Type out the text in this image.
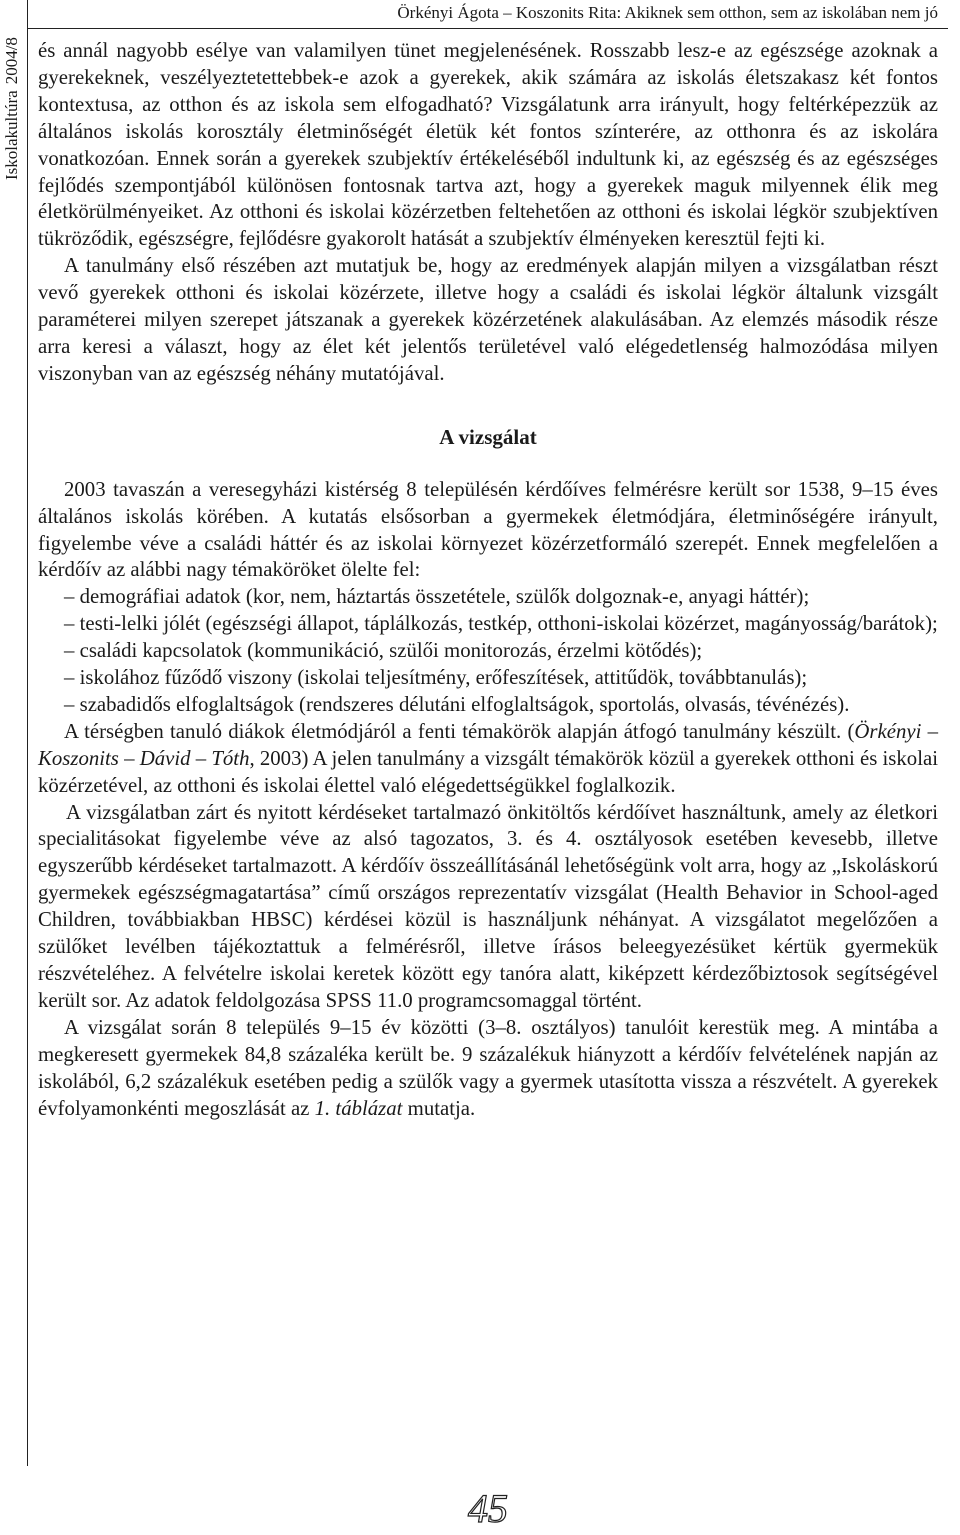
Iskolakultúra2004/8
Örkényi Ágota – Koszonits Rita: Akiknek sem otthon, sem az iskolában nem jó

és annál nagyobb esélye van valamilyen tünet megjelenésének. Rosszabb lesz-e az egészsége azoknak a gyerekeknek, veszélyeztetettebbek-e azok a gyerekek, akik számára az iskolás életszakasz két fontos kontextusa, az otthon és az iskola sem elfogadható? Vizsgálatunk arra irányult, hogy feltérképezzük az általános iskolás korosztály életminőségét életük két fontos színterére, az otthonra és az iskolára vonatkozóan. Ennek során a gyerekek szubjektív értékeléséből indultunk ki, az egészség és az egészséges fejlődés szempontjából különösen fontosnak tartva azt, hogy a gyerekek maguk milyennek élik meg életkörülményeiket. Az otthoni és iskolai közérzetben feltehetően az otthoni és iskolai légkör szubjektíven tükröződik, egészségre, fejlődésre gyakorolt hatását a szubjektív élményeken keresztül fejti ki.

A tanulmány első részében azt mutatjuk be, hogy az eredmények alapján milyen a vizsgálatban részt vevő gyerekek otthoni és iskolai közérzete, illetve hogy a családi és iskolai légkör általunk vizsgált paraméterei milyen szerepet játszanak a gyerekek közérzetének alakulásában. Az elemzés második része arra keresi a választ, hogy az élet két jelentős területével való elégedetlenség halmozódása milyen viszonyban van az egészség néhány mutatójával.

A vizsgálat

2003 tavaszán a veresegyházi kistérség 8 településén kérdőíves felmérésre került sor 1538, 9–15 éves általános iskolás körében. A kutatás elsősorban a gyermekek életmódjára, életminőségére irányult, figyelembe véve a családi háttér és az iskolai környezet közérzetformáló szerepét. Ennek megfelelően a kérdőív az alábbi nagy témaköröket ölelte fel:

– demográfiai adatok (kor, nem, háztartás összetétele, szülők dolgoznak-e, anyagi háttér);

– testi-lelki jólét (egészségi állapot, táplálkozás, testkép, otthoni-iskolai közérzet, magányosság/barátok);

– családi kapcsolatok (kommunikáció, szülői monitorozás, érzelmi kötődés);

– iskolához fűződő viszony (iskolai teljesítmény, erőfeszítések, attitűdök, továbbtanulás);

– szabadidős elfoglaltságok (rendszeres délutáni elfoglaltságok, sportolás, olvasás, tévénézés).

A térségben tanuló diákok életmódjáról a fenti témakörök alapján átfogó tanulmány készült. (Örkényi – Koszonits – Dávid – Tóth, 2003) A jelen tanulmány a vizsgált témakörök közül a gyerekek otthoni és iskolai közérzetével, az otthoni és iskolai élettel való elégedettségükkel foglalkozik.

A vizsgálatban zárt és nyitott kérdéseket tartalmazó önkitöltős kérdőívet használtunk, amely az életkori specialitásokat figyelembe véve az alsó tagozatos, 3. és 4. osztályosok esetében kevesebb, illetve egyszerűbb kérdéseket tartalmazott. A kérdőív összeállításánál lehetőségünk volt arra, hogy az „Iskoláskorú gyermekek egészségmagatartása” című országos reprezentatív vizsgálat (Health Behavior in School-aged Children, továbbiakban HBSC) kérdései közül is használjunk néhányat. A vizsgálatot megelőzően a szülőket levélben tájékoztattuk a felmérésről, illetve írásos beleegyezésüket kértük gyermekük részvételéhez. A felvételre iskolai keretek között egy tanóra alatt, kiképzett kérdezőbiztosok segítségével került sor. Az adatok feldolgozása SPSS 11.0 programcsomaggal történt.

A vizsgálat során 8 település 9–15 év közötti (3–8. osztályos) tanulóit kerestük meg. A mintába a megkeresett gyermekek 84,8 százaléka került be. 9 százalékuk hiányzott a kérdőív felvételének napján az iskolából, 6,2 százalékuk esetében pedig a szülők vagy a gyermek utasította vissza a részvételt. A gyerekek évfolyamonkénti megoszlását az 1. táblázat mutatja.

45
